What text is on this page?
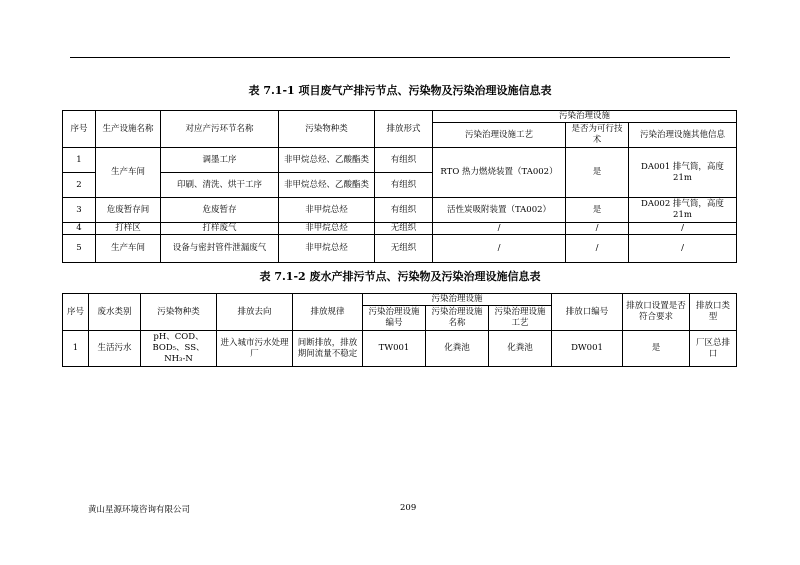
表 7.1-1 项目废气产排污节点、污染物及污染治理设施信息表
序号	生产设施名称	对应产污环节名称	污染物种类	排放形式	污染治理设施		
					污染治理设施工艺	是否为可行技术	污染治理设施其他信息
1	生产车间	调墨工序	非甲烷总烃、乙酸酯类	有组织	RTO 热力燃烧装置（TA002）	是	DA001 排气筒，高度 21m
2		印刷、清洗、烘干工序	非甲烷总烃、乙酸酯类	有组织			
3	危废暂存间	危废暂存	非甲烷总烃	有组织	活性炭吸附装置（TA002）	是	DA002 排气筒，高度 21m
4	打样区	打样废气	非甲烷总烃	无组织	/	/	/
5	生产车间	设备与密封管件泄漏废气	非甲烷总烃	无组织	/	/	/
表 7.1-2 废水产排污节点、污染物及污染治理设施信息表
序号	废水类别	污染物种类	排放去向	排放规律	污染治理设施			排放口编号	排放口设置是否符合要求	排放口类型
					污染治理设施编号	污染治理设施名称	污染治理设施工艺			
1	生活污水	pH、COD、BOD₅、SS、NH₃-N	进入城市污水处理厂	间断排放，排放期间流量不稳定	TW001	化粪池	化粪池	DW001	是	厂区总排口
黄山星源环境咨询有限公司	209
